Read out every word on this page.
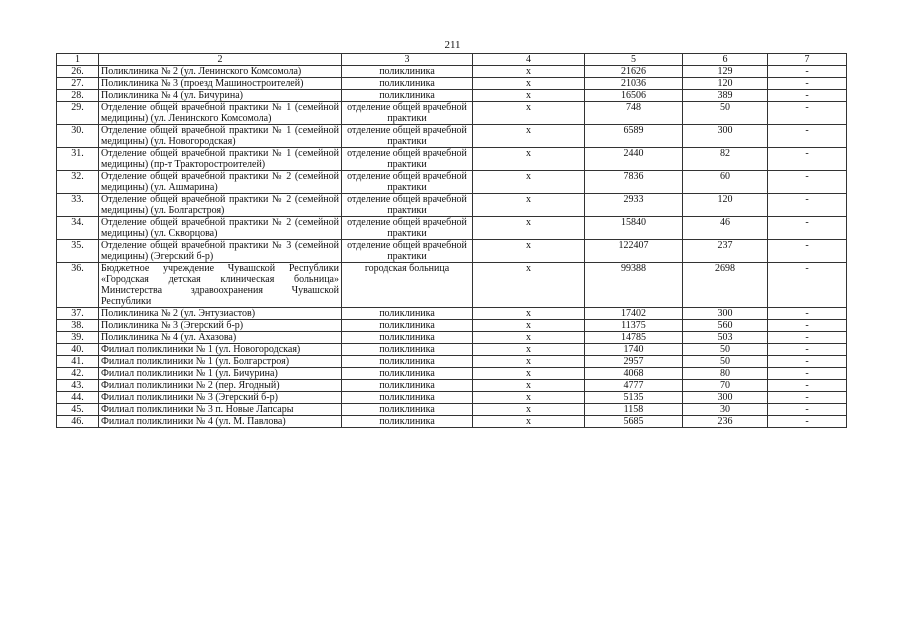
211
1	2	3	4	5	6	7
26.	Поликлиника № 2 (ул. Ленинского Комсомола)	поликлиника	х	21626	129	-
27.	Поликлиника № 3 (проезд Машиностроителей)	поликлиника	х	21036	120	-
28.	Поликлиника № 4 (ул. Бичурина)	поликлиника	х	16506	389	-
29.	Отделение общей врачебной практики № 1 (семейной медицины) (ул. Ленинского Комсомола)	отделение общей врачебной практики	х	748	50	-
30.	Отделение общей врачебной практики № 1 (семейной медицины) (ул. Новогородская)	отделение общей врачебной практики	х	6589	300	-
31.	Отделение общей врачебной практики № 1 (семейной медицины) (пр-т Тракторостроителей)	отделение общей врачебной практики	х	2440	82	-
32.	Отделение общей врачебной практики № 2 (семейной медицины) (ул. Ашмарина)	отделение общей врачебной практики	х	7836	60	-
33.	Отделение общей врачебной практики № 2 (семейной медицины) (ул. Болгарстроя)	отделение общей врачебной практики	х	2933	120	-
34.	Отделение общей врачебной практики № 2 (семейной медицины) (ул. Скворцова)	отделение общей врачебной практики	х	15840	46	-
35.	Отделение общей врачебной практики № 3 (семейной медицины) (Эгерский б-р)	отделение общей врачебной практики	х	122407	237	-
36.	Бюджетное учреждение Чувашской Республики «Городская детская клиническая больница» Министерства здравоохранения Чувашской Республики	городская больница	х	99388	2698	-
37.	Поликлиника № 2 (ул. Энтузиастов)	поликлиника	х	17402	300	-
38.	Поликлиника № 3 (Эгерский б-р)	поликлиника	х	11375	560	-
39.	Поликлиника № 4 (ул. Ахазова)	поликлиника	х	14785	503	-
40.	Филиал поликлиники № 1 (ул. Новогородская)	поликлиника	х	1740	50	-
41.	Филиал поликлиники № 1 (ул. Болгарстроя)	поликлиника	х	2957	50	-
42.	Филиал поликлиники № 1 (ул. Бичурина)	поликлиника	х	4068	80	-
43.	Филиал поликлиники № 2 (пер. Ягодный)	поликлиника	х	4777	70	-
44.	Филиал поликлиники № 3 (Эгерский б-р)	поликлиника	х	5135	300	-
45.	Филиал поликлиники № 3 п. Новые Лапсары	поликлиника	х	1158	30	-
46.	Филиал поликлиники № 4 (ул. М. Павлова)	поликлиника	х	5685	236	-
